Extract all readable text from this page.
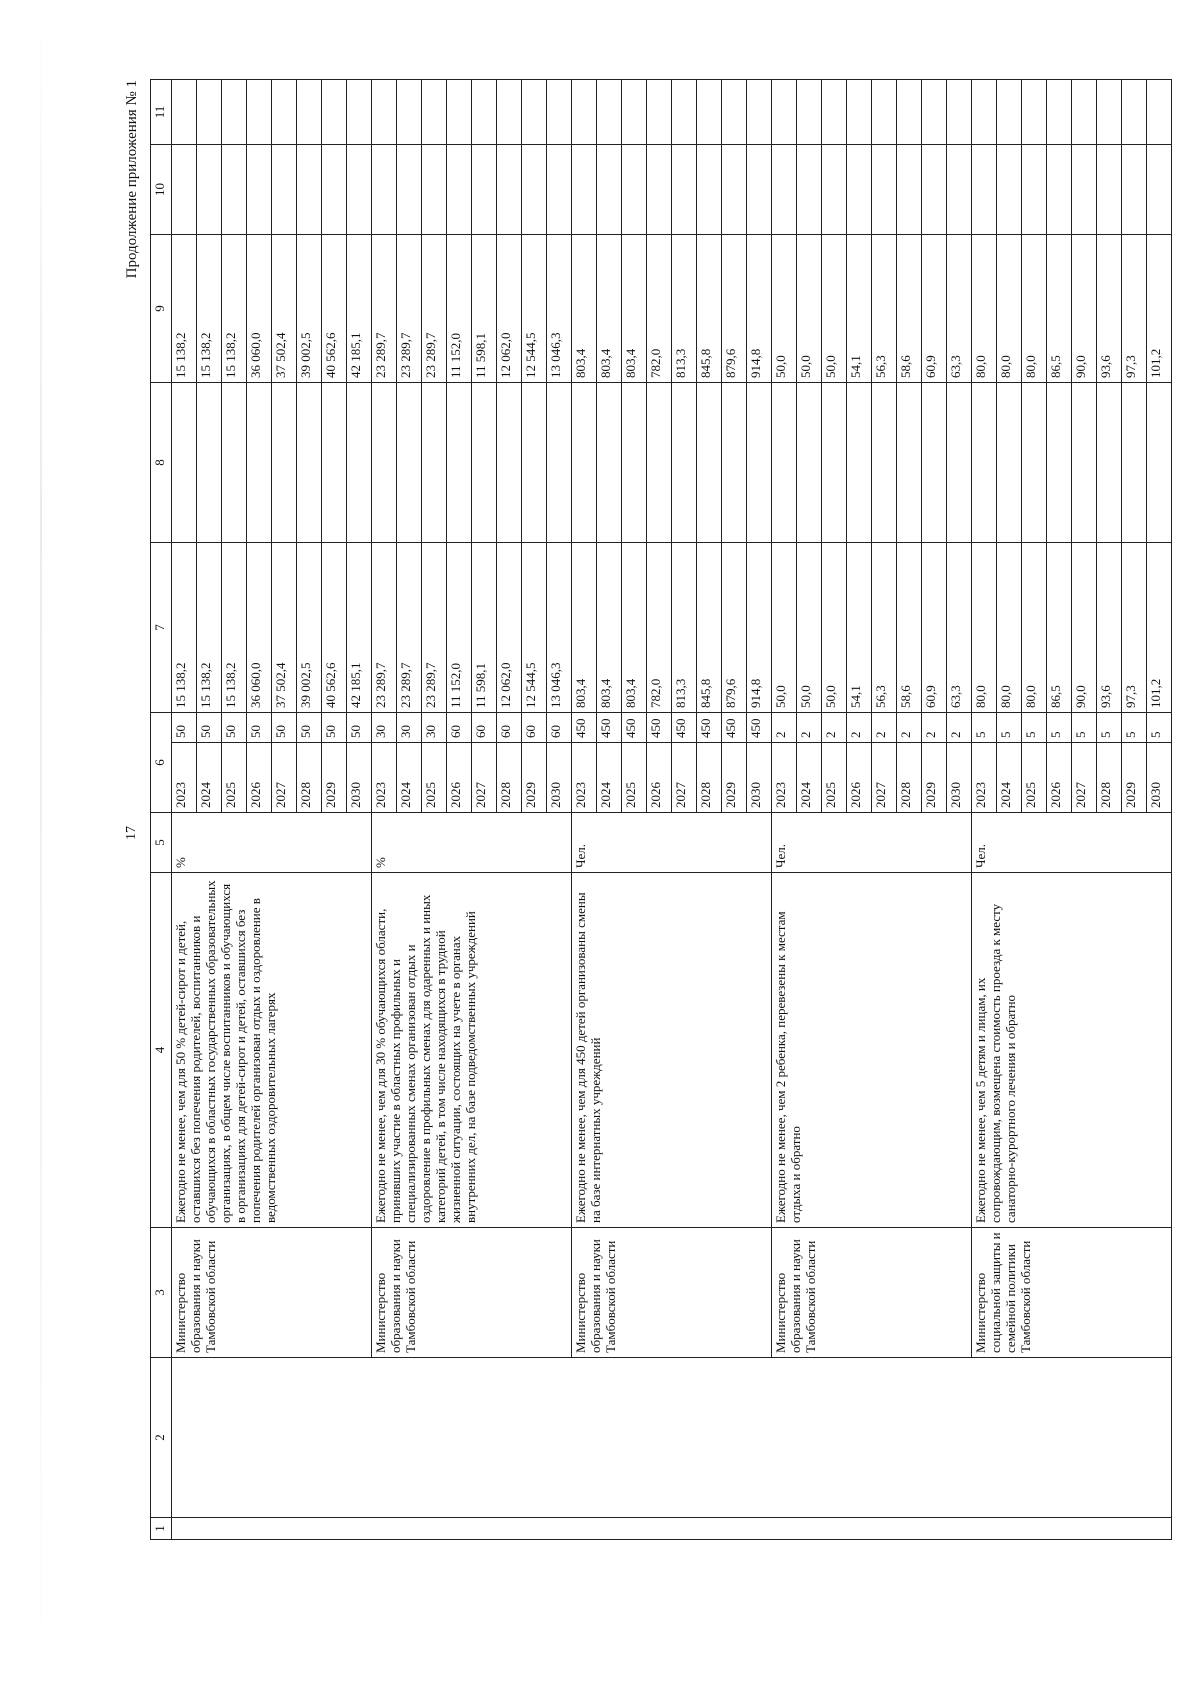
17
Продолжение приложения № 1
1	2	3	4	5	6		7	8	9	10	11
		Министерство образования и науки Тамбовской области	Ежегодно не менее, чем для 50 % детей-сирот и детей, оставшихся без попечения родителей, воспитанников и обучающихся в областных государственных образовательных организациях, в общем числе воспитанников и обучающихся в организациях для детей-сирот и детей, оставшихся без попечения родителей организован отдых и оздоровление в ведомственных оздоровительных лагерях	%	2023	50	15 138,2		15 138,2		
					2024	50	15 138,2		15 138,2		
					2025	50	15 138,2		15 138,2		
					2026	50	36 060,0		36 060,0		
					2027	50	37 502,4		37 502,4		
					2028	50	39 002,5		39 002,5		
					2029	50	40 562,6		40 562,6		
					2030	50	42 185,1		42 185,1		
		Министерство образования и науки Тамбовской области	Ежегодно не менее, чем для 30 % обучающихся области, принявших участие в областных профильных и специализированных сменах организован отдых и оздоровление в профильных сменах для одаренных и иных категорий детей, в том числе находящихся в трудной жизненной ситуации, состоящих на учете в органах внутренних дел, на базе подведомственных учреждений	%	2023	30	23 289,7		23 289,7		
					2024	30	23 289,7		23 289,7		
					2025	30	23 289,7		23 289,7		
					2026	60	11 152,0		11 152,0		
					2027	60	11 598,1		11 598,1		
					2028	60	12 062,0		12 062,0		
					2029	60	12 544,5		12 544,5		
					2030	60	13 046,3		13 046,3		
		Министерство образования и науки Тамбовской области	Ежегодно не менее, чем для 450 детей организованы смены на базе интернатных учреждений	Чел.	2023	450	803,4		803,4		
					2024	450	803,4		803,4		
					2025	450	803,4		803,4		
					2026	450	782,0		782,0		
					2027	450	813,3		813,3		
					2028	450	845,8		845,8		
					2029	450	879,6		879,6		
					2030	450	914,8		914,8		
		Министерство образования и науки Тамбовской области	Ежегодно не менее, чем 2 ребенка, перевезены к местам отдыха и обратно	Чел.	2023	2	50,0		50,0		
					2024	2	50,0		50,0		
					2025	2	50,0		50,0		
					2026	2	54,1		54,1		
					2027	2	56,3		56,3		
					2028	2	58,6		58,6		
					2029	2	60,9		60,9		
					2030	2	63,3		63,3		
		Министерство социальной защиты и семейной политики Тамбовской области	Ежегодно не менее, чем 5 детям и лицам, их сопровождающим, возмещена стоимость проезда к месту санаторно-курортного лечения и обратно	Чел.	2023	5	80,0		80,0		
					2024	5	80,0		80,0		
					2025	5	80,0		80,0		
					2026	5	86,5		86,5		
					2027	5	90,0		90,0		
					2028	5	93,6		93,6		
					2029	5	97,3		97,3		
					2030	5	101,2		101,2		
